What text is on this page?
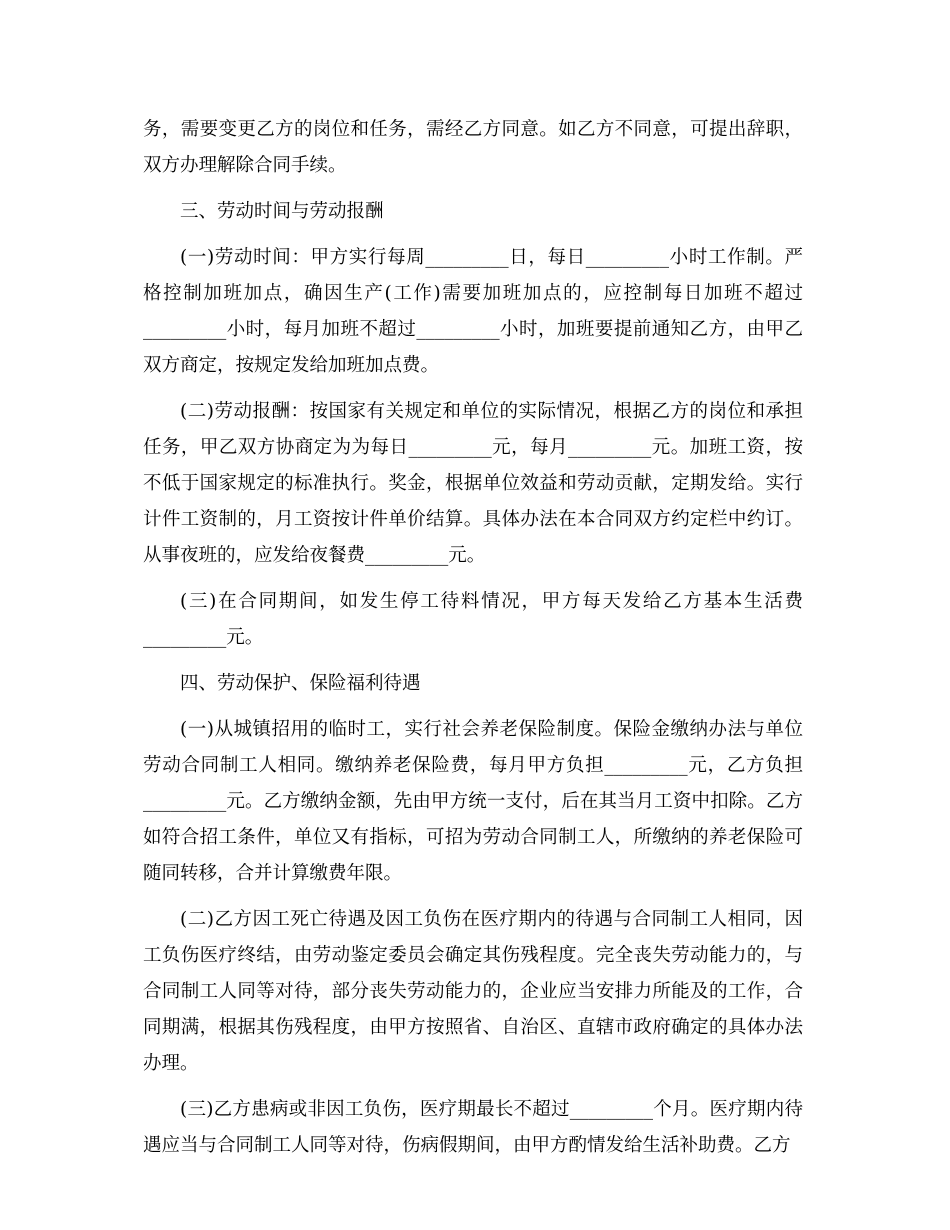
务，需要变更乙方的岗位和任务，需经乙方同意。如乙方不同意，可提出辞职，双方办理解除合同手续。

三、劳动时间与劳动报酬

(一)劳动时间：甲方实行每周_________日，每日_________小时工作制。严格控制加班加点，确因生产(工作)需要加班加点的，应控制每日加班不超过_________小时，每月加班不超过_________小时，加班要提前通知乙方，由甲乙双方商定，按规定发给加班加点费。

(二)劳动报酬：按国家有关规定和单位的实际情况，根据乙方的岗位和承担任务，甲乙双方协商定为为每日_________元，每月_________元。加班工资，按不低于国家规定的标准执行。奖金，根据单位效益和劳动贡献，定期发给。实行计件工资制的，月工资按计件单价结算。具体办法在本合同双方约定栏中约订。从事夜班的，应发给夜餐费_________元。

(三)在合同期间，如发生停工待料情况，甲方每天发给乙方基本生活费_________元。

四、劳动保护、保险福利待遇

(一)从城镇招用的临时工，实行社会养老保险制度。保险金缴纳办法与单位劳动合同制工人相同。缴纳养老保险费，每月甲方负担_________元，乙方负担_________元。乙方缴纳金额，先由甲方统一支付，后在其当月工资中扣除。乙方如符合招工条件，单位又有指标，可招为劳动合同制工人，所缴纳的养老保险可随同转移，合并计算缴费年限。

(二)乙方因工死亡待遇及因工负伤在医疗期内的待遇与合同制工人相同，因工负伤医疗终结，由劳动鉴定委员会确定其伤残程度。完全丧失劳动能力的，与合同制工人同等对待，部分丧失劳动能力的，企业应当安排力所能及的工作，合同期满，根据其伤残程度，由甲方按照省、自治区、直辖市政府确定的具体办法办理。

(三)乙方患病或非因工负伤，医疗期最长不超过_________个月。医疗期内待遇应当与合同制工人同等对待，伤病假期间，由甲方酌情发给生活补助费。乙方
